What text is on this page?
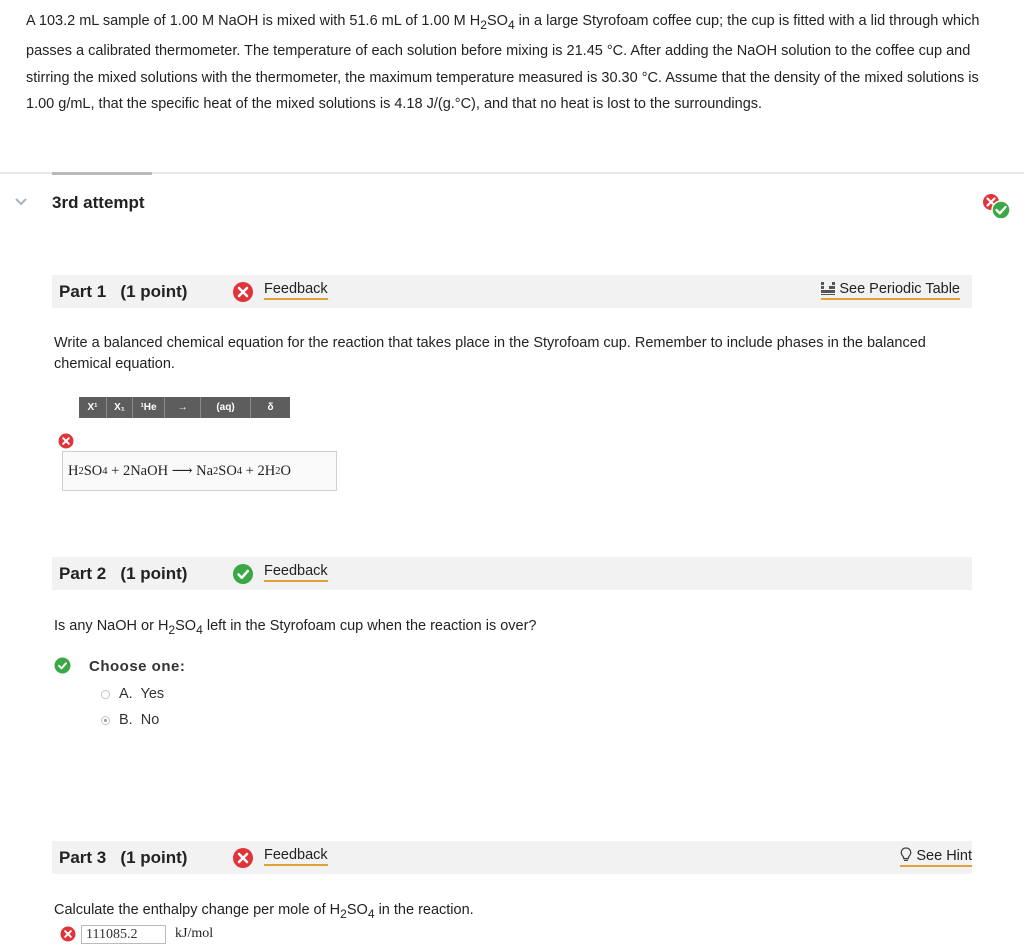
A 103.2 mL sample of 1.00 M NaOH is mixed with 51.6 mL of 1.00 M $H_2SO_4$ in a large Styrofoam coffee cup; the cup is fitted with a lid through which passes a calibrated thermometer. The temperature of each solution before mixing is 21.45 °C. After adding the NaOH solution to the coffee cup and stirring the mixed solutions with the thermometer, the maximum temperature measured is 30.30 °C. Assume that the density of the mixed solutions is 1.00 g/mL, that the specific heat of the mixed solutions is 4.18 J/(g.°C), and that no heat is lost to the surroundings.
3rd attempt
Part 1   (1 point)	Feedback	See Periodic Table
Write a balanced chemical equation for the reaction that takes place in the Styrofoam cup. Remember to include phases in the balanced chemical equation.
X¹	X₁	¹He	→	(aq)	δ
H 2 SO 4 + 2NaOH ⟶ Na 2 SO 4 + 2H 2 O
Part 2   (1 point)	Feedback
Is any NaOH or $H_2SO_4$ left in the Styrofoam cup when the reaction is over?
Choose one:
A.  Yes
B.  No
Part 3   (1 point)	Feedback	See Hint
Calculate the enthalpy change per mole of $H_2SO_4$ in the reaction.
111085.2	kJ/mol
